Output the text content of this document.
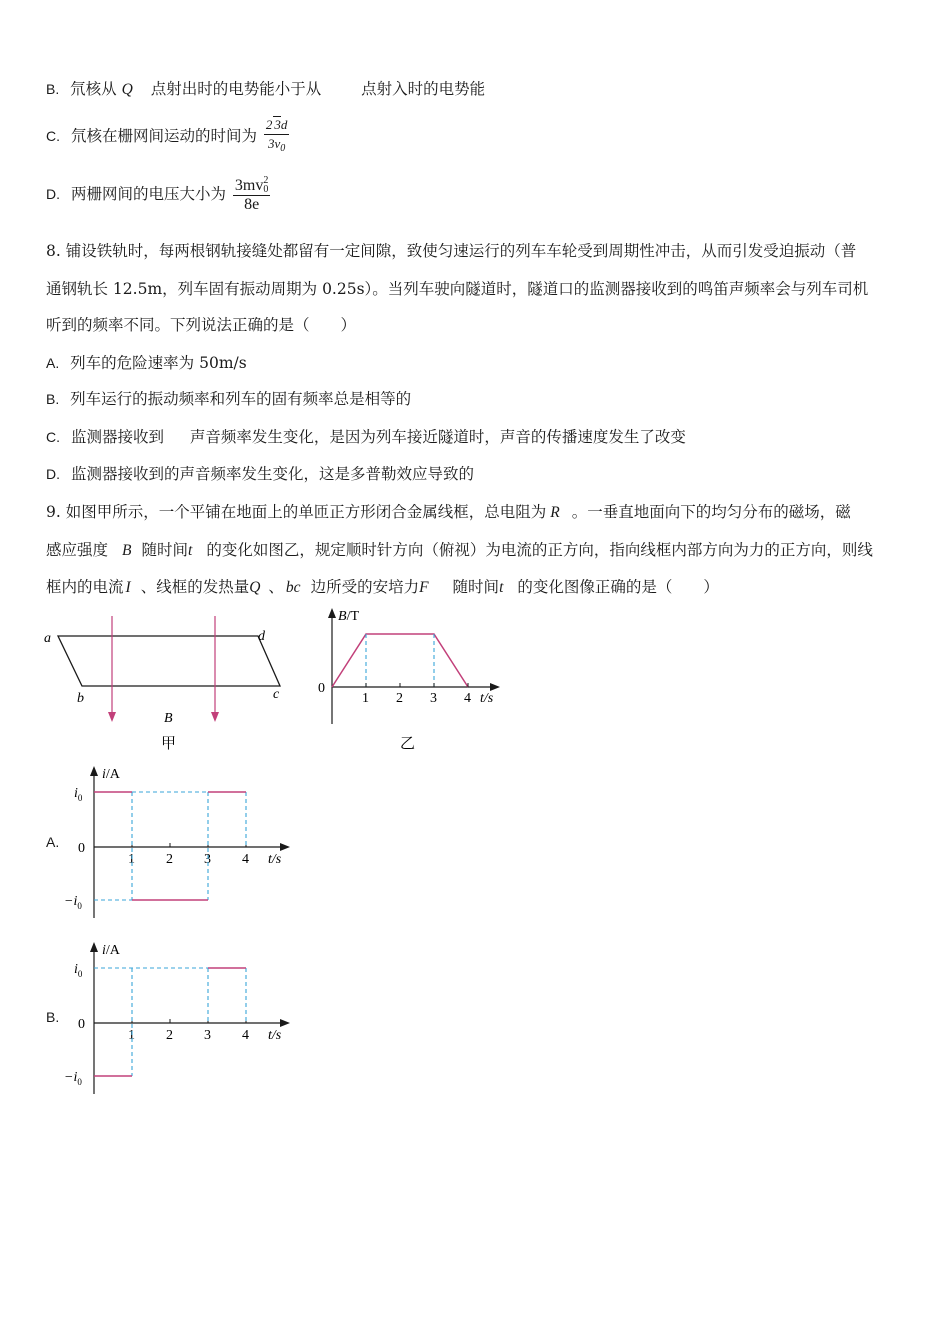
B. 氘核从 Q 点射出时的电势能小于从	点射入时的电势能
C. 氘核在栅网间运动的时间为 $\frac{2 3d}{3v_0}$
D. 两栅网间的电压大小为 3mv 2
0
8e
8. 铺设铁轨时，每两根钢轨接缝处都留有一定间隙，致使匀速运行的列车车轮受到周期性冲击，从而引发受迫振动（普
通钢轨长 12.5m，列车固有振动周期为 0.25s）。当列车驶向隧道时，隧道口的监测器接收到的鸣笛声频率会与列车司机
听到的频率不同。下列说法正确的是（　　）
A. 列车的危险速率为 50m/s
B. 列车运行的振动频率和列车的固有频率总是相等的
C. 监测器接收到 声音频率发生变化，是因为列车接近隧道时，声音的传播速度发生了改变
D. 监测器接收到的声音频率发生变化，这是多普勒效应导致的
9. 如图甲所示，一个平铺在地面上的单匝正方形闭合金属线框，总电阻为 R 。一垂直地面向下的均匀分布的磁场，磁
感应强度 B 随时间t 的变化如图乙，规定顺时针方向（俯视）为电流的正方向，指向线框内部方向为力的正方向，则线
框内的电流 I 、线框的发热量Q 、 bc 边所受的安培力F 随时间t 的变化图像正确的是（　　）
a	d
b	c
B
甲
B/T
t/s
0
1 2 3 4
乙
A.
i/A
t/s
0
$i_0$
$-i_0$
1 2 3 4
B.
i/A
t/s
0
$i_0$
$-i_0$
1 2 3 4
